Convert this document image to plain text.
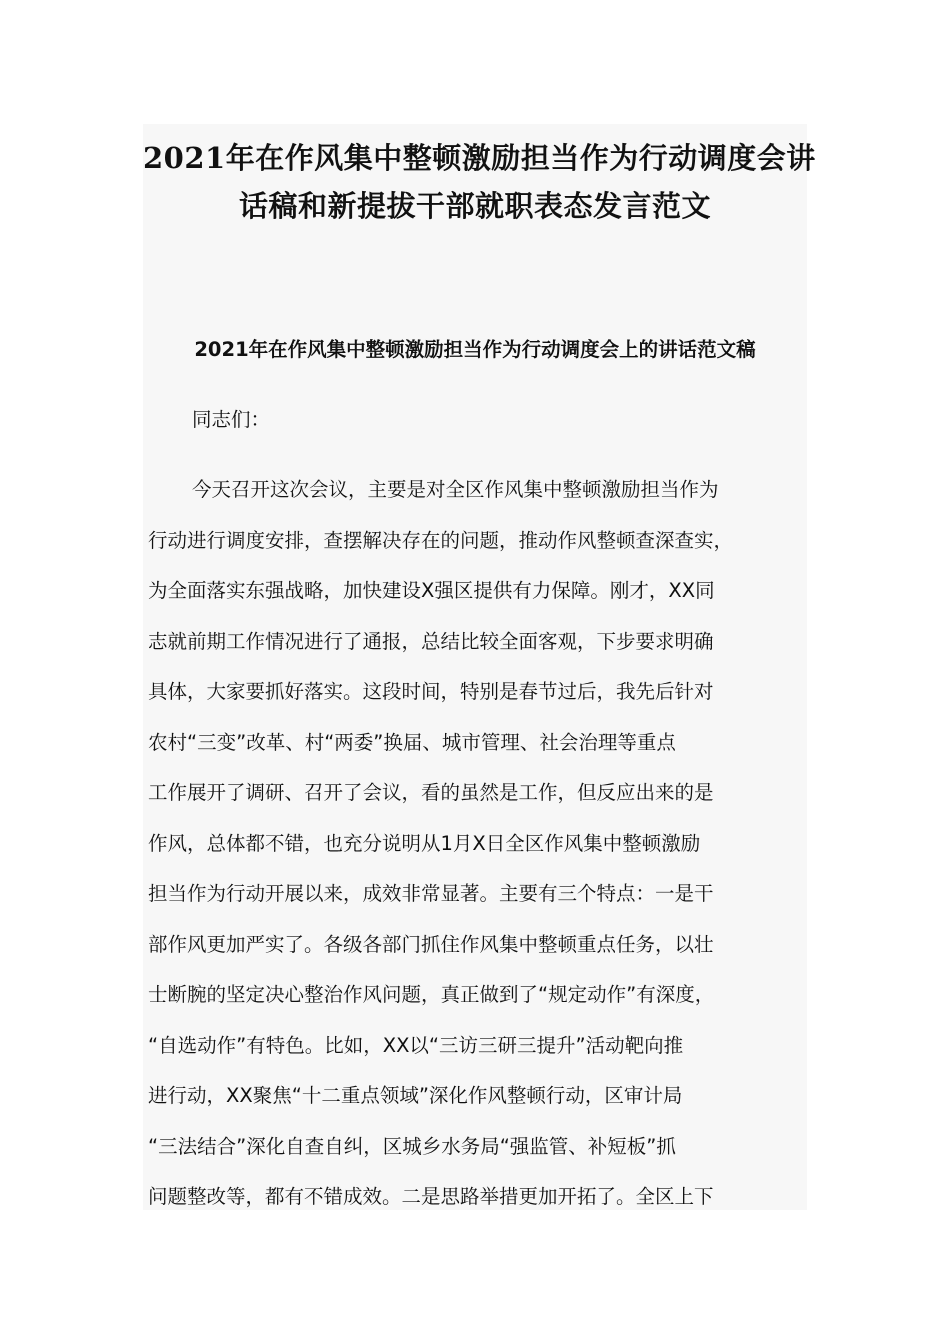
2021年在作风集中整顿激励担当作为行动调度会讲
话稿和新提拔干部就职表态发言范文
2021年在作风集中整顿激励担当作为行动调度会上的讲话范文稿
同志们：
今天召开这次会议，主要是对全区作风集中整顿激励担当作为
行动进行调度安排，查摆解决存在的问题，推动作风整顿查深查实，
为全面落实东强战略，加快建设X强区提供有力保障。刚才，XX同
志就前期工作情况进行了通报，总结比较全面客观，下步要求明确
具体，大家要抓好落实。这段时间，特别是春节过后，我先后针对
农村“三变”改革、村“两委”换届、城市管理、社会治理等重点
工作展开了调研、召开了会议，看的虽然是工作，但反应出来的是
作风，总体都不错，也充分说明从1月X日全区作风集中整顿激励
担当作为行动开展以来，成效非常显著。主要有三个特点：一是干
部作风更加严实了。各级各部门抓住作风集中整顿重点任务，以壮
士断腕的坚定决心整治作风问题，真正做到了“规定动作”有深度，
“自选动作”有特色。比如，XX以“三访三研三提升”活动靶向推
进行动，XX聚焦“十二重点领域”深化作风整顿行动，区审计局
“三法结合”深化自查自纠，区城乡水务局“强监管、补短板”抓
问题整改等，都有不错成效。二是思路举措更加开拓了。全区上下
